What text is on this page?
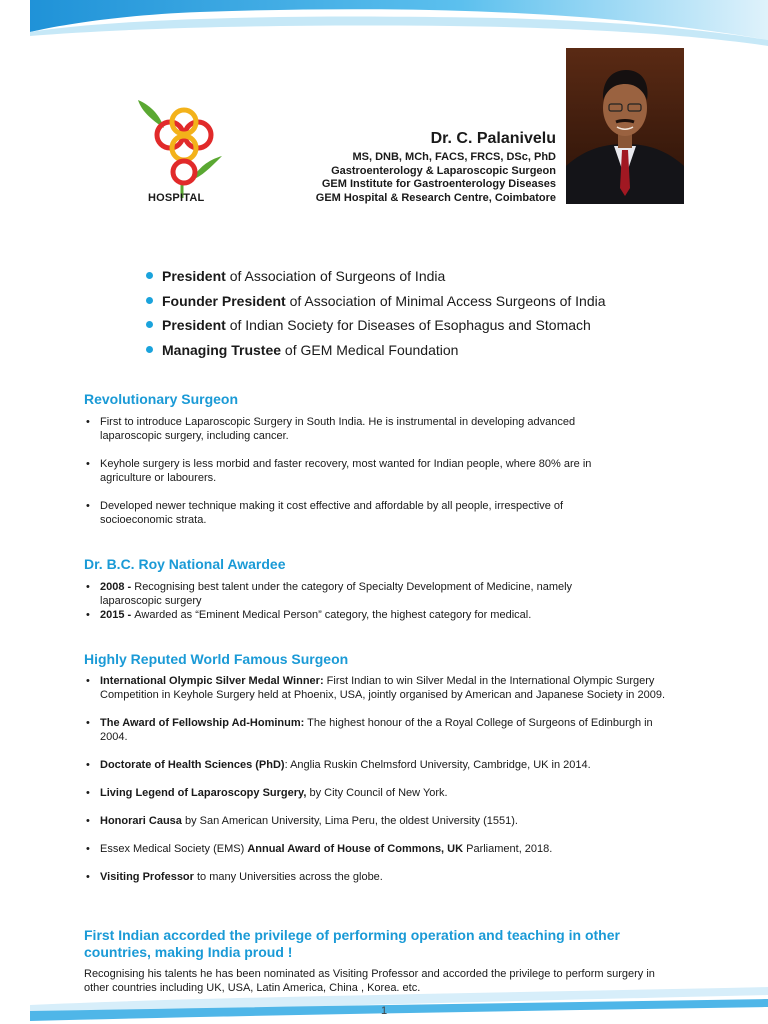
HOSPITAL
Dr. C. Palanivelu
MS, DNB, MCh, FACS, FRCS, DSc, PhD
Gastroenterology & Laparoscopic Surgeon
GEM Institute for Gastroenterology Diseases
GEM Hospital & Research Centre, Coimbatore
President of Association of Surgeons of India
Founder President of Association of Minimal Access Surgeons of India
President of Indian Society for Diseases of Esophagus and Stomach
Managing Trustee of GEM Medical Foundation
Revolutionary Surgeon
• First to introduce Laparoscopic Surgery in South India. He is instrumental in developing advanced laparoscopic surgery, including cancer.
• Keyhole surgery is less morbid and faster recovery, most wanted for Indian people, where 80% are in agriculture or labourers.
• Developed newer technique making it cost effective and affordable by all people, irrespective of socioeconomic strata.
Dr. B.C. Roy National Awardee
• 2008 - Recognising best talent under the category of Specialty Development of Medicine, namely laparoscopic surgery
• 2015 - Awarded as “Eminent Medical Person” category, the highest category for medical.
Highly Reputed World Famous Surgeon
• International Olympic Silver Medal Winner: First Indian to win Silver Medal in the International Olympic Surgery Competition in Keyhole Surgery held at Phoenix, USA, jointly organised by American and Japanese Society in 2009.
• The Award of Fellowship Ad-Hominum: The highest honour of the a Royal College of Surgeons of Edinburgh in 2004.
• Doctorate of Health Sciences (PhD): Anglia Ruskin Chelmsford University, Cambridge, UK in 2014.
• Living Legend of Laparoscopy Surgery, by City Council of New York.
• Honorari Causa by San American University, Lima Peru, the oldest University (1551).
• Essex Medical Society (EMS) Annual Award of House of Commons, UK Parliament, 2018.
• Visiting Professor to many Universities across the globe.
First Indian accorded the privilege of performing operation and teaching in other countries, making India proud !
Recognising his talents he has been nominated as Visiting Professor and accorded the privilege to perform surgery in other countries including UK, USA, Latin America, China , Korea. etc.
1
